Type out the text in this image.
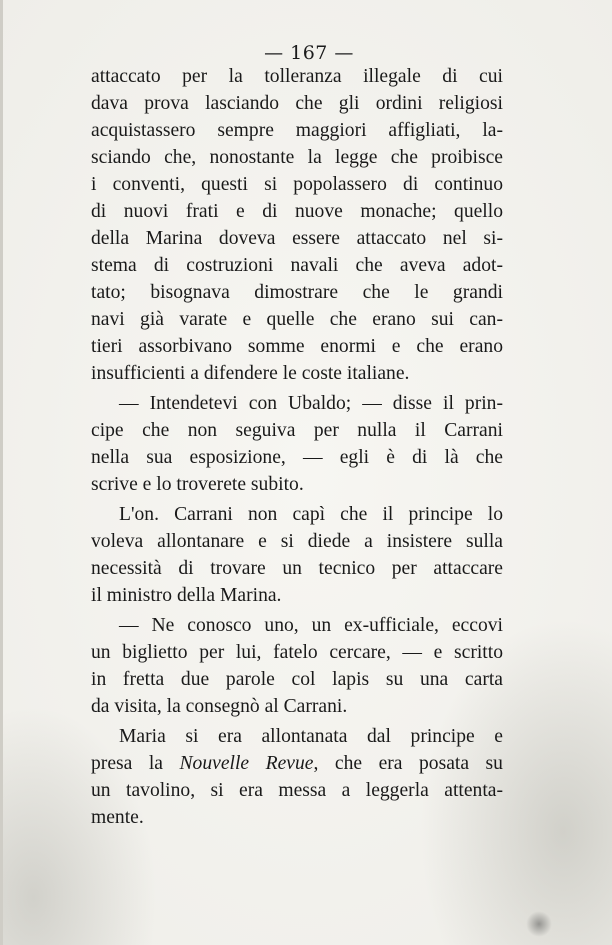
— 167 —
attaccato per la tolleranza illegale di cui
dava prova lasciando che gli ordini religiosi
acquistassero sempre maggiori affigliati, la-
sciando che, nonostante la legge che proibisce
i conventi, questi si popolassero di continuo
di nuovi frati e di nuove monache; quello
della Marina doveva essere attaccato nel si-
stema di costruzioni navali che aveva adot-
tato; bisognava dimostrare che le grandi
navi già varate e quelle che erano sui can-
tieri assorbivano somme enormi e che erano
insufficienti a difendere le coste italiane.
— Intendetevi con Ubaldo; — disse il prin-
cipe che non seguiva per nulla il Carrani
nella sua esposizione, — egli è di là che
scrive e lo troverete subito.
L'on. Carrani non capì che il principe lo
voleva allontanare e si diede a insistere sulla
necessità di trovare un tecnico per attaccare
il ministro della Marina.
— Ne conosco uno, un ex-ufficiale, eccovi
un biglietto per lui, fatelo cercare, — e scritto
in fretta due parole col lapis su una carta
da visita, la consegnò al Carrani.
Maria si era allontanata dal principe e
presa la Nouvelle Revue, che era posata su
un tavolino, si era messa a leggerla attenta-
mente.
